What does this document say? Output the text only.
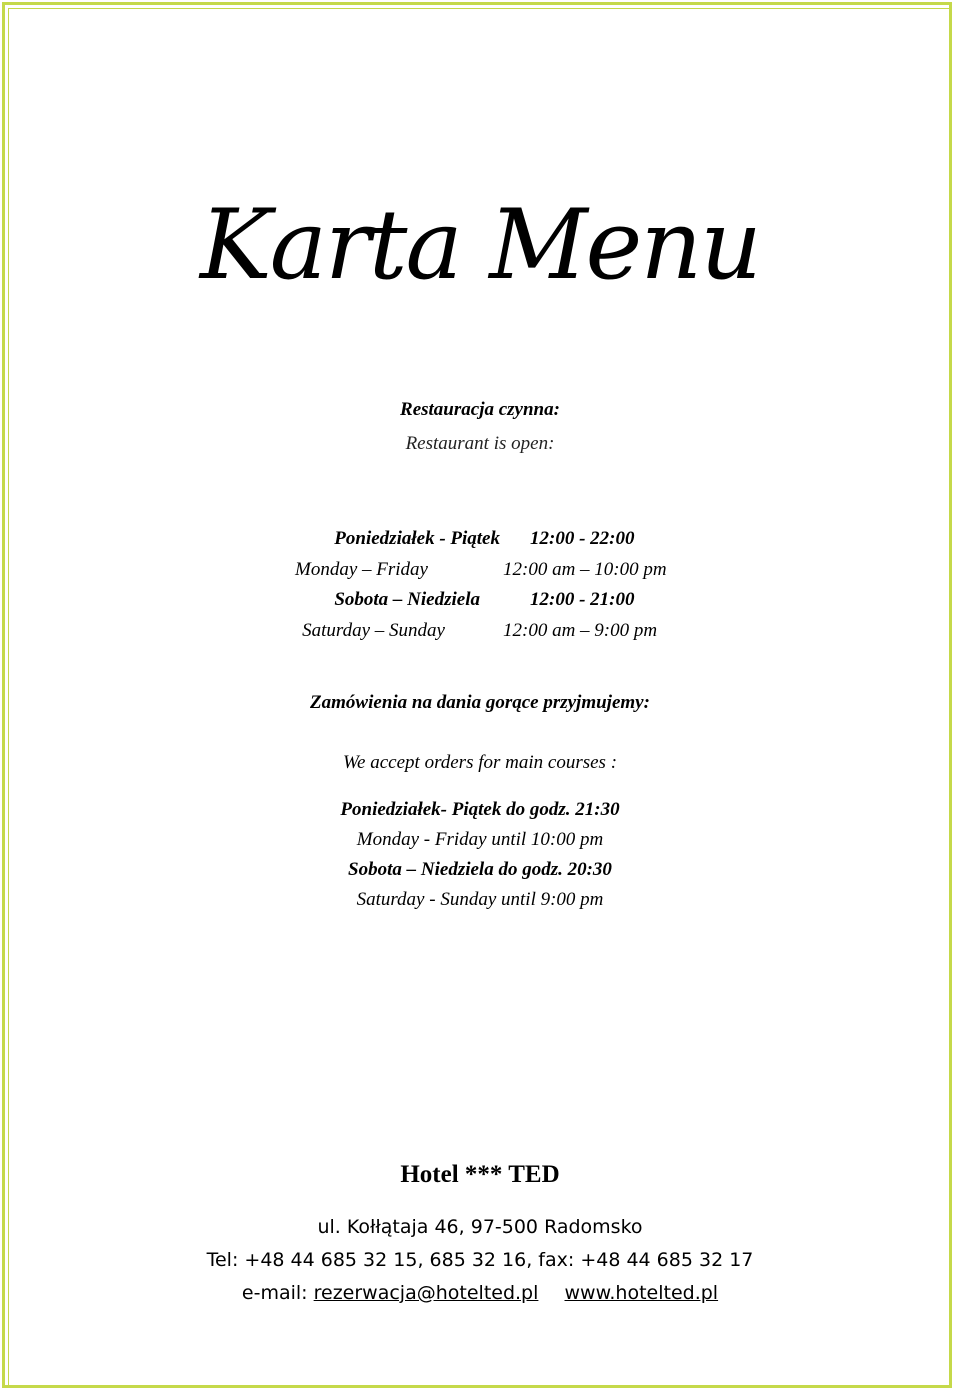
Karta Menu
Restauracja czynna:
Restaurant is open:
Poniedziałek - Piątek 12:00 - 22:00
Monday – Friday	12:00 am – 10:00 pm
Sobota – Niedziela	12:00 - 21:00
Saturday – Sunday	12:00 am – 9:00 pm
Zamówienia na dania gorące przyjmujemy:
We accept orders for main courses :
Poniedziałek- Piątek do godz. 21:30
Monday - Friday until 10:00 pm
Sobota – Niedziela do godz. 20:30
Saturday - Sunday until 9:00 pm
Hotel *** TED
ul. Kołłątaja 46, 97-500 Radomsko
Tel: +48 44 685 32 15, 685 32 16, fax: +48 44 685 32 17
e-mail: rezerwacja@hotelted.pl www.hotelted.pl
